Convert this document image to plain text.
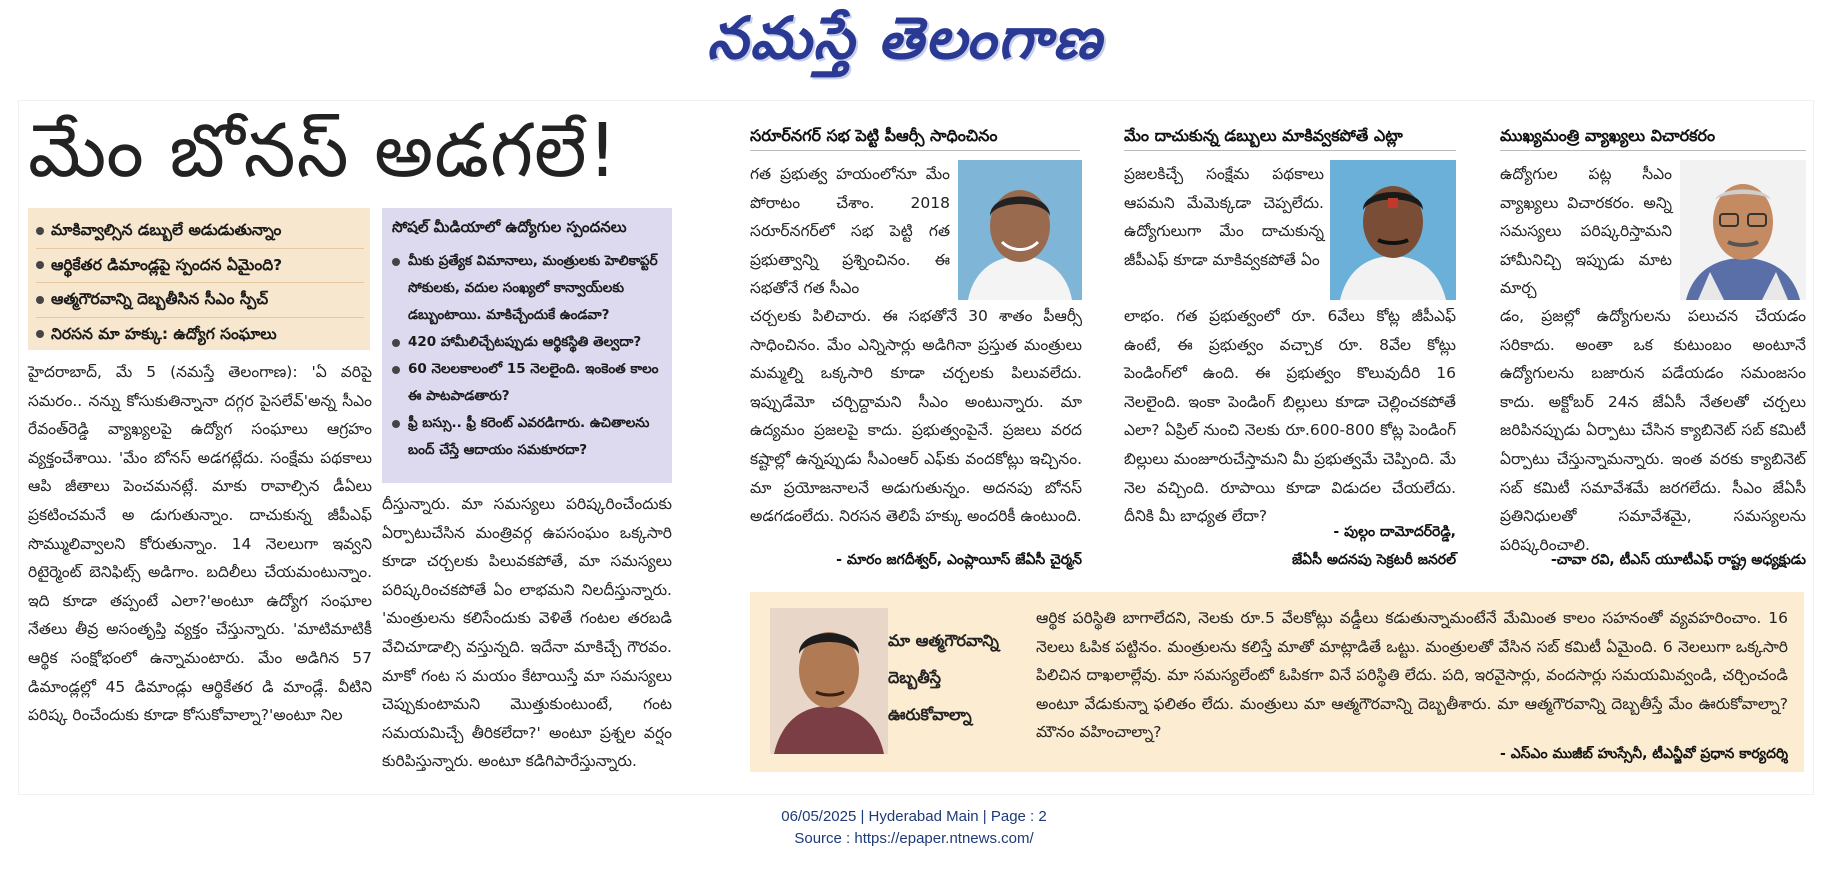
నమస్తే తెలంగాణ
మేం బోనస్ అడగలే!
మాకివ్వాల్సిన డబ్బులే అడుడుతున్నాం
ఆర్థికేతర డిమాండ్లపై స్పందన ఏమైంది?
ఆత్మగౌరవాన్ని దెబ్బతీసిన సీఎం స్పీచ్
నిరసన మా హక్కు: ఉద్యోగ సంఘాలు
సోషల్ మీడియాలో ఉద్యోగుల స్పందనలు
మీకు ప్రత్యేక విమానాలు, మంత్రులకు హెలికాప్టర్ సోకులకు, వదుల సంఖ్యలో కాన్వాయ్‌లకు డబ్బుంటాయి. మాకిచ్చేందుకే ఉండవా?
420 హామీలిచ్చేటప్పుడు ఆర్థికస్థితి తెల్వదా?
60 నెలలకాలంలో 15 నెలలైంది. ఇంకెంత కాలం ఈ పాటపాడతారు?
ఫ్రీ బస్సు.. ఫ్రీ కరెంట్ ఎవరడిగారు. ఉచితాలను బంద్ చేస్తే ఆదాయం సమకూరదా?

హైదరాబాద్, మే 5 (నమస్తే తెలంగాణ): 'ఏ వరిపై సమరం.. నన్ను కోసుకుతిన్నానా దగ్గర పైసలేవ్'అన్న సీఎం రేవంత్‌రెడ్డి వ్యాఖ్యలపై ఉద్యోగ సంఘాలు ఆగ్రహం వ్యక్తంచేశాయి. 'మేం బోనస్ అడగట్లేదు. సంక్షేమ పథకాలు ఆపి జీతాలు పెంచమనట్లే. మాకు రావాల్సిన డీఏలు ప్రకటించమనే అ డుగుతున్నాం. దాచుకున్న జీపీఎఫ్ సొమ్ములివ్వాలని కోరుతున్నాం. 14 నెలలుగా ఇవ్వని రిటైర్మెంట్ బెనిఫిట్స్ అడిగాం. బదిలీలు చేయమంటున్నాం. ఇది కూడా తప్పంటే ఎలా?'అంటూ ఉద్యోగ సంఘాల నేతలు తీవ్ర అసంతృప్తి వ్యక్తం చేస్తున్నారు. 'మాటిమాటికీ ఆర్థిక సంక్షోభంలో ఉన్నామంటారు. మేం అడిగిన 57 డిమాండ్లల్లో 45 డిమాండ్లు ఆర్థికేతర డి మాండ్లే. వీటిని పరిష్క రించేందుకు కూడా కోసుకోవాల్నా?'అంటూ నిల

దీస్తున్నారు. మా సమస్యలు పరిష్కరించేందుకు ఏర్పాటుచేసిన మంత్రివర్గ ఉపసంఘం ఒక్కసారి కూడా చర్చలకు పిలువకపోతే, మా సమస్యలు పరిష్కరించకపోతే ఏం లాభమని నిలదీస్తున్నారు. 'మంత్రులను కలిసేందుకు వెళితే గంటల తరబడి వేచిచూడాల్సి వస్తున్నది. ఇదేనా మాకిచ్చే గౌరవం. మాకో గంట స మయం కేటాయిస్తే మా సమస్యలు చెప్పుకుంటామని మొత్తుకుంటుంటే, గంట సమయమిచ్చే తీరికలేదా?' అంటూ ప్రశ్నల వర్షం కురిపిస్తున్నారు. అంటూ కడిగిపారేస్తున్నారు.

సరూర్‌నగర్ సభ పెట్టి పీఆర్సీ సాధించినం

గత ప్రభుత్వ హయంలోనూ మేం పోరాటం చేశాం. 2018 సరూర్‌నగర్‌లో సభ పెట్టి గత ప్రభుత్వాన్ని ప్రశ్నించినం. ఈ సభతోనే గత సీఎం

చర్చలకు పిలిచారు. ఈ సభతోనే 30 శాతం పీఆర్సీ సాధించినం. మేం ఎన్నిసార్లు అడిగినా ప్రస్తుత మంత్రులు మమ్మల్ని ఒక్కసారి కూడా చర్చలకు పిలువలేదు. ఇప్పుడేమో చర్చిద్దామని సీఎం అంటున్నారు. మా ఉద్యమం ప్రజలపై కాదు. ప్రభుత్వంపైనే. ప్రజలు వరద కష్టాల్లో ఉన్నప్పుడు సీఎంఆర్ ఎఫ్‌కు వందకోట్లు ఇచ్చినం. మా ప్రయోజనాలనే అడుగుతున్నం. అదనపు బోనస్ అడగడంలేదు. నిరసన తెలిపే హక్కు అందరికీ ఉంటుంది.

- మారం జగదీశ్వర్, ఎంప్లాయీస్ జేఏసీ చైర్మన్
మేం దాచుకున్న డబ్బులు మాకివ్వకపోతే ఎట్లా

ప్రజలకిచ్చే సంక్షేమ పథకాలు ఆపమని మేమెక్కడా చెప్పలేదు. ఉద్యోగులుగా మేం దాచుకున్న జీపీఎఫ్ కూడా మాకివ్వకపోతే ఏం

లాభం. గత ప్రభుత్వంలో రూ. 6వేలు కోట్ల జీపీఎఫ్ ఉంటే, ఈ ప్రభుత్వం వచ్చాక రూ. 8వేల కోట్లు పెండింగ్‌లో ఉంది. ఈ ప్రభుత్వం కొలువుదీరి 16 నెలలైంది. ఇంకా పెండింగ్ బిల్లులు కూడా చెల్లించకపోతే ఎలా? ఏప్రిల్ నుంచి నెలకు రూ.600-800 కోట్ల పెండింగ్ బిల్లులు మంజూరుచేస్తామని మీ ప్రభుత్వమే చెప్పింది. మే నెల వచ్చింది. రూపాయి కూడా విడుదల చేయలేదు. దీనికి మీ బాధ్యత లేదా?

- పుల్గం దామోదర్‌రెడ్డి,
జేఏసీ అదనపు సెక్రటరీ జనరల్
ముఖ్యమంత్రి వ్యాఖ్యలు విచారకరం

ఉద్యోగుల పట్ల సీఎం వ్యాఖ్యలు విచారకరం. అన్ని సమస్యలు పరిష్కరిస్తామని హామీనిచ్చి ఇప్పుడు మాట మార్చ

డం, ప్రజల్లో ఉద్యోగులను పలుచన చేయడం సరికాదు. అంతా ఒక కుటుంబం అంటూనే ఉద్యోగులను బజారున పడేయడం సమంజసం కాదు. అక్టోబర్ 24న జేఏసీ నేతలతో చర్చలు జరిపినప్పుడు ఏర్పాటు చేసిన క్యాబినెట్ సబ్ కమిటీ ఏర్పాటు చేస్తున్నామన్నారు. ఇంత వరకు క్యాబినెట్ సబ్ కమిటీ సమావేశమే జరగలేదు. సీఎం జేఏసీ ప్రతినిధులతో సమావేశమై, సమస్యలను పరిష్కరించాలి.

-చావా రవి, టీఎస్ యూటీఎఫ్ రాష్ట్ర అధ్యక్షుడు
మా ఆత్మగౌరవాన్ని దెబ్బతీస్తే ఊరుకోవాల్నా

ఆర్థిక పరిస్థితి బాగాలేదని, నెలకు రూ.5 వేలకోట్లు వడ్డీలు కడుతున్నామంటేనే మేమింత కాలం సహనంతో వ్యవహరించాం. 16 నెలలు ఓపిక పట్టినం. మంత్రులను కలిస్తే మాతో మాట్లాడితే ఒట్టు. మంత్రులతో వేసిన సబ్ కమిటీ ఏమైంది. 6 నెలలుగా ఒక్కసారి పిలిచిన దాఖలాల్లేవు. మా సమస్యలేంటో ఓపికగా వినే పరిస్థితి లేదు. పది, ఇరవైసార్లు, వందసార్లు సమయమివ్వండి, చర్చించండి అంటూ వేడుకున్నా ఫలితం లేదు. మంత్రులు మా ఆత్మగౌరవాన్ని దెబ్బతీశారు. మా ఆత్మగౌరవాన్ని దెబ్బతీస్తే మేం ఊరుకోవాల్నా? మౌనం వహించాల్నా?

- ఎస్‌ఎం ముజీబ్ హుస్సేనీ, టీఎన్జీవో ప్రధాన కార్యదర్శి
06/05/2025 | Hyderabad Main | Page : 2
Source : https://epaper.ntnews.com/
